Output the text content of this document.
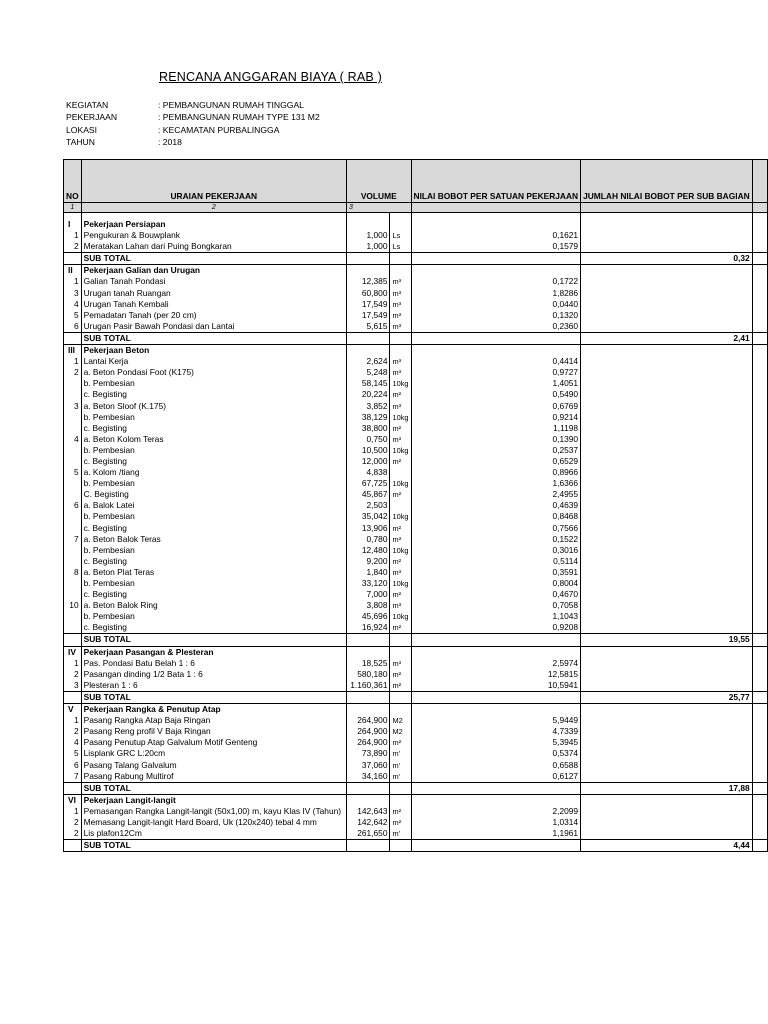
RENCANA ANGGARAN BIAYA ( RAB )
KEGIATAN	: PEMBANGUNAN RUMAH TINGGAL
PEKERJAAN	: PEMBANGUNAN RUMAH TYPE 131 M2
LOKASI	: KECAMATAN PURBALINGGA
TAHUN	: 2018
NO	URAIAN PEKERJAAN	VOLUME		NILAI BOBOT PER SATUAN PEKERJAAN	JUMLAH NILAI BOBOT PER SUB BAGIAN	
1	2	3				

I	Pekerjaan Persiapan					
1	Pengukuran & Bouwplank	1,000	Ls	0,1621		
2	Meratakan Lahan dari Puing Bongkaran	1,000	Ls	0,1579		
	SUB TOTAL				0,32	
II	Pekerjaan Galian dan Urugan					
1	Galian Tanah Pondasi	12,385	m³	0,1722		
3	Urugan tanah Ruangan	60,800	m³	1,8286		
4	Urugan Tanah Kembali	17,549	m³	0,0440		
5	Pemadatan Tanah (per 20 cm)	17,549	m³	0,1320		
6	Urugan Pasir Bawah Pondasi dan Lantai	5,615	m³	0,2360		
	SUB TOTAL				2,41	
III	Pekerjaan Beton					
1	Lantai Kerja	2,624	m³	0,4414		
2	a. Beton Pondasi Foot (K175)	5,248	m³	0,9727		
	b. Pembesian	58,145	10kg	1,4051		
	c. Begisting	20,224	m²	0,5490		
3	a. Beton Sloof (K.175)	3,852	m³	0,6769		
	b. Pembesian	38,129	10kg	0,9214		
	c. Begisting	38,800	m²	1,1198		
4	a. Beton Kolom Teras	0,750	m³	0,1390		
	b. Pembesian	10,500	10kg	0,2537		
	c. Begisting	12,000	m²	0,6529		
5	a. Kolom /tiang	4,838		0,8966		
	b. Pembesian	67,725	10kg	1,6366		
	C. Begisting	45,867	m²	2,4955		
6	a. Balok Latei	2,503		0,4639		
	b. Pembesian	35,042	10kg	0,8468		
	c. Begisting	13,906	m²	0,7566		
7	a. Beton Balok Teras	0,780	m³	0,1522		
	b. Pembesian	12,480	10kg	0,3016		
	c. Begisting	9,200	m²	0,5114		
8	a. Beton Plat Teras	1,840	m³	0,3591		
	b. Pembesian	33,120	10kg	0,8004		
	c. Begisting	7,000	m²	0,4670		
10	a. Beton Balok Ring	3,808	m³	0,7058		
	b. Pembesian	45,696	10kg	1,1043		
	c. Begisting	16,924	m²	0,9208		
	SUB TOTAL				19,55	
IV	Pekerjaan Pasangan & Plesteran					
1	Pas. Pondasi Batu Belah 1 : 6	18,525	m³	2,5974		
2	Pasangan dinding 1/2 Bata 1 : 6	580,180	m²	12,5815		
3	Plesteran 1 : 6	1.160,361	m²	10,5941		
	SUB TOTAL				25,77	
V	Pekerjaan Rangka & Penutup Atap					
1	Pasang Rangka Atap Baja Ringan	264,900	M2	5,9449		
2	Pasang Reng profil V Baja Ringan	264,900	M2	4,7339		
4	Pasang Penutup Atap Galvalum Motif Genteng	264,900	m²	5,3945		
5	Lisplank GRC L:20cm	73,890	m'	0,5374		
6	Pasang Talang Galvalum	37,060	m'	0,6588		
7	Pasang Rabung Multirof	34,160	m'	0,6127		
	SUB TOTAL				17,88	
VI	Pekerjaan Langit-langit					
1	Pemasangan Rangka Langit-langit (50x1,00) m, kayu Klas IV (Tahun)	142,643	m²	2,2099		
2	Memasang Langit-langit Hard Board, Uk (120x240) tebal 4 mm	142,642	m²	1,0314		
2	Lis plafon12Cm	261,650	m'	1,1961		
	SUB TOTAL				4,44	
